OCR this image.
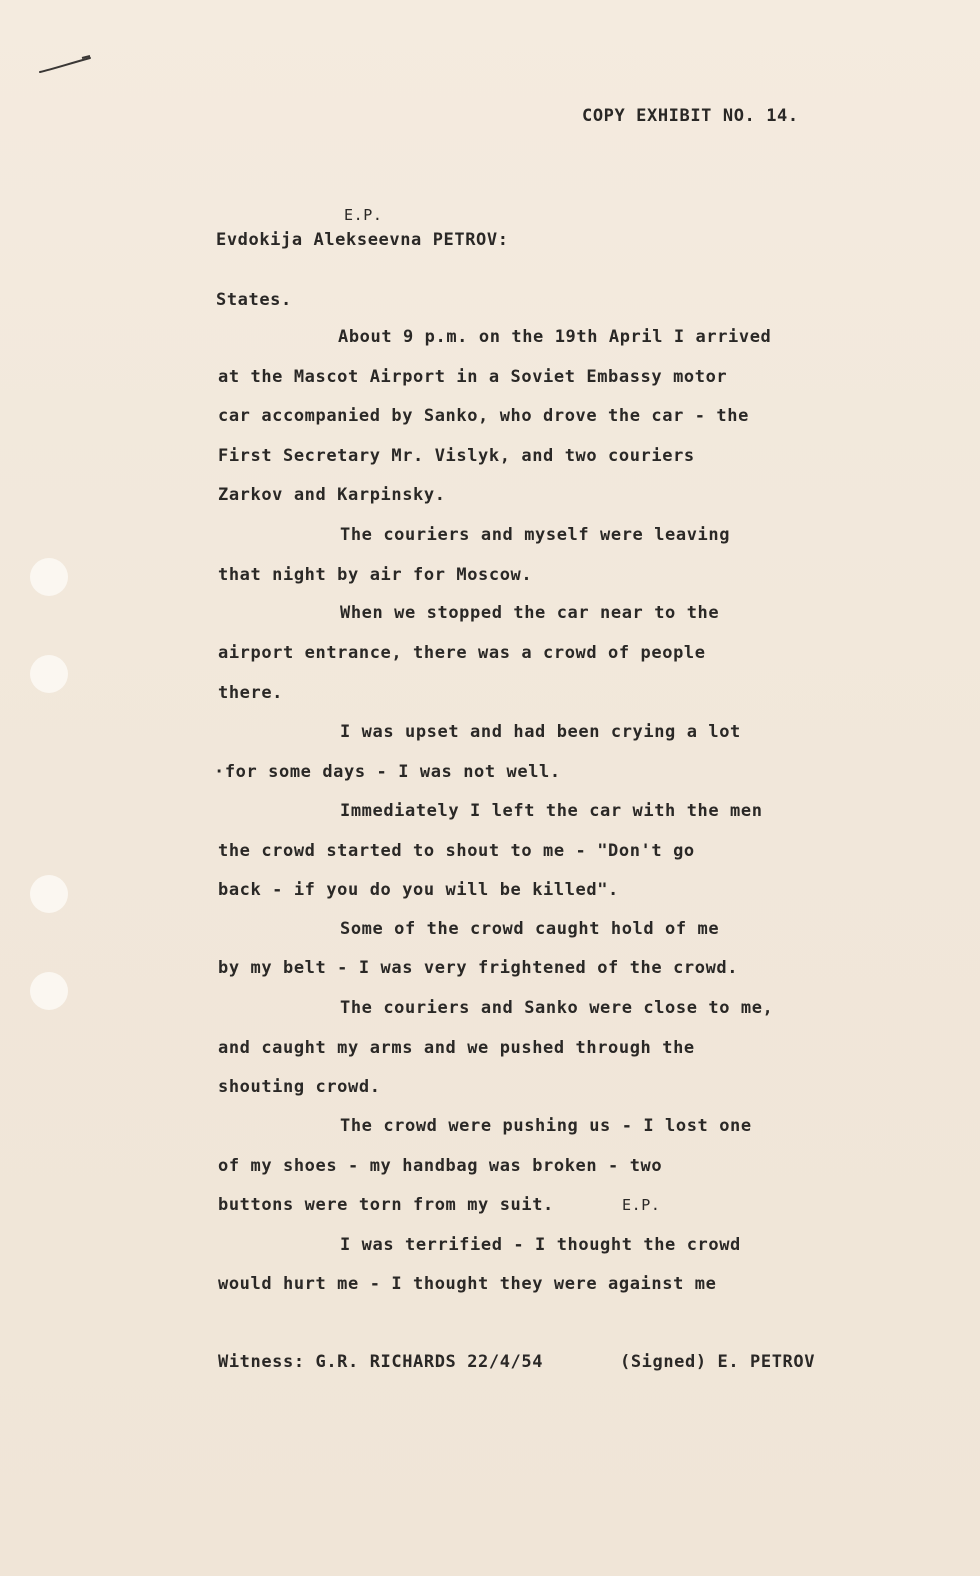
COPY EXHIBIT NO. 14.
E.P.
Evdokija Alekseevna PETROV:
States.
About 9 p.m. on the 19th April I arrived
at the Mascot Airport in a Soviet Embassy motor
car accompanied by Sanko, who drove the car - the
First Secretary Mr. Vislyk, and two couriers
Zarkov and Karpinsky.
The couriers and myself were leaving
that night by air for Moscow.
When we stopped the car near to the
airport entrance, there was a crowd of people
there.
I was upset and had been crying a lot
·for some days - I was not well.
Immediately I left the car with the men
the crowd started to shout to me - "Don't go
back - if you do you will be killed".
Some of the crowd caught hold of me
by my belt - I was very frightened of the crowd.
The couriers and Sanko were close to me,
and caught my arms and we pushed through the
shouting crowd.
The crowd were pushing us - I lost one
of my shoes - my handbag was broken - two
buttons were torn from my suit.	E.P.
I was terrified - I thought the crowd
would hurt me - I thought they were against me
Witness: G.R. RICHARDS 22/4/54	(Signed) E. PETROV
